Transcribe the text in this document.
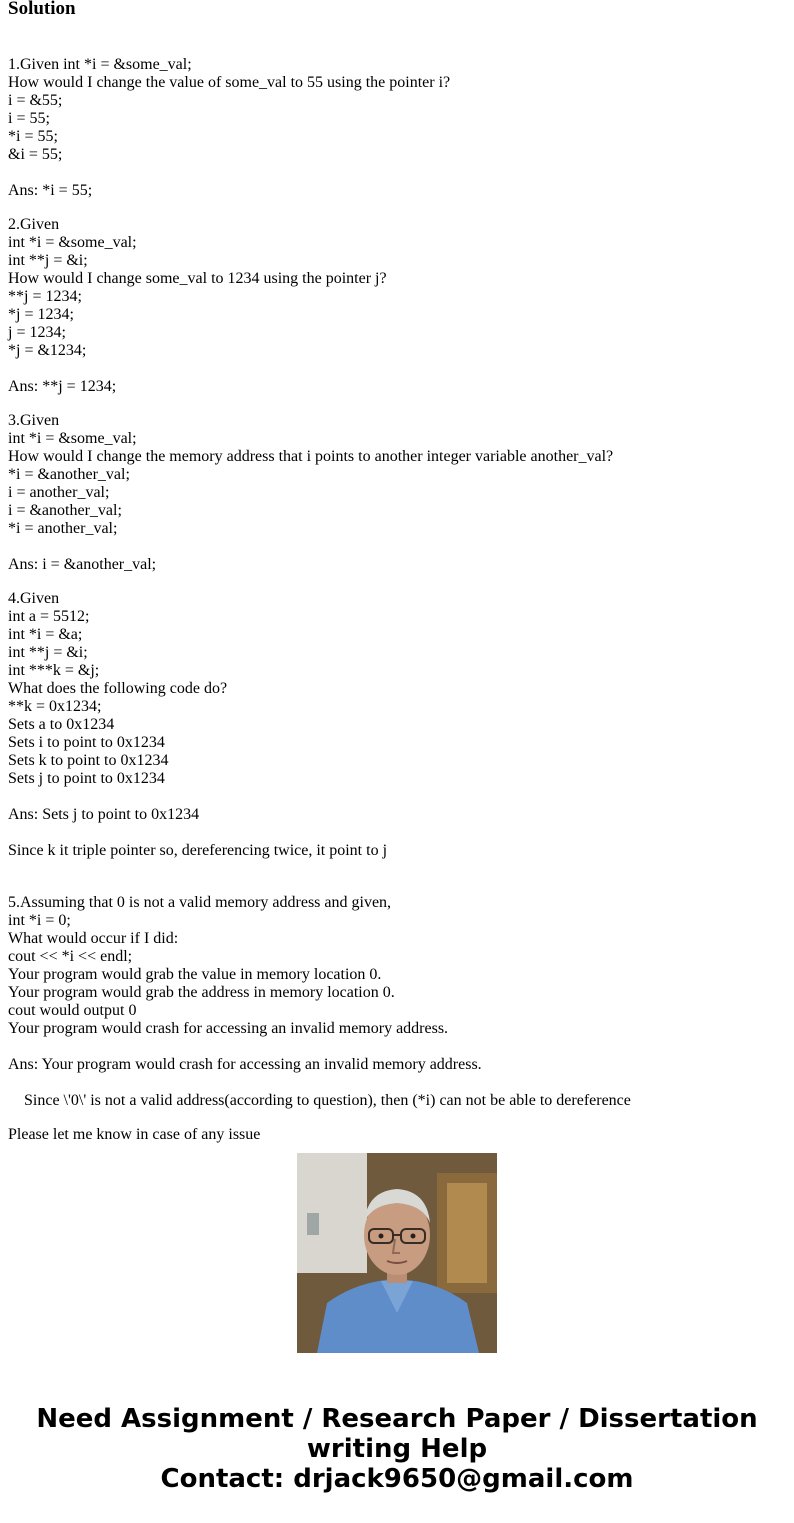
Solution
1.Given int *i = &some_val;
How would I change the value of some_val to 55 using the pointer i?
i = &55;
i = 55;
*i = 55;
&i = 55;
Ans: *i = 55;
2.Given
int *i = &some_val;
int **j = &i;
How would I change some_val to 1234 using the pointer j?
**j = 1234;
*j = 1234;
j = 1234;
*j = &1234;
Ans: **j = 1234;
3.Given
int *i = &some_val;
How would I change the memory address that i points to another integer variable another_val?
*i = &another_val;
i = another_val;
i = &another_val;
*i = another_val;
Ans: i = &another_val;
4.Given
int a = 5512;
int *i = &a;
int **j = &i;
int ***k = &j;
What does the following code do?
**k = 0x1234;
Sets a to 0x1234
Sets i to point to 0x1234
Sets k to point to 0x1234
Sets j to point to 0x1234
Ans: Sets j to point to 0x1234
Since k it triple pointer so, dereferencing twice, it point to j
5.Assuming that 0 is not a valid memory address and given,
int *i = 0;
What would occur if I did:
cout << *i << endl;
Your program would grab the value in memory location 0.
Your program would grab the address in memory location 0.
cout would output 0
Your program would crash for accessing an invalid memory address.
Ans: Your program would crash for accessing an invalid memory address.
Since \'0\' is not a valid address(according to question), then (*i) can not be able to dereference
Please let me know in case of any issue
Need Assignment / Research Paper / Dissertation
writing Help
Contact: drjack9650@gmail.com
